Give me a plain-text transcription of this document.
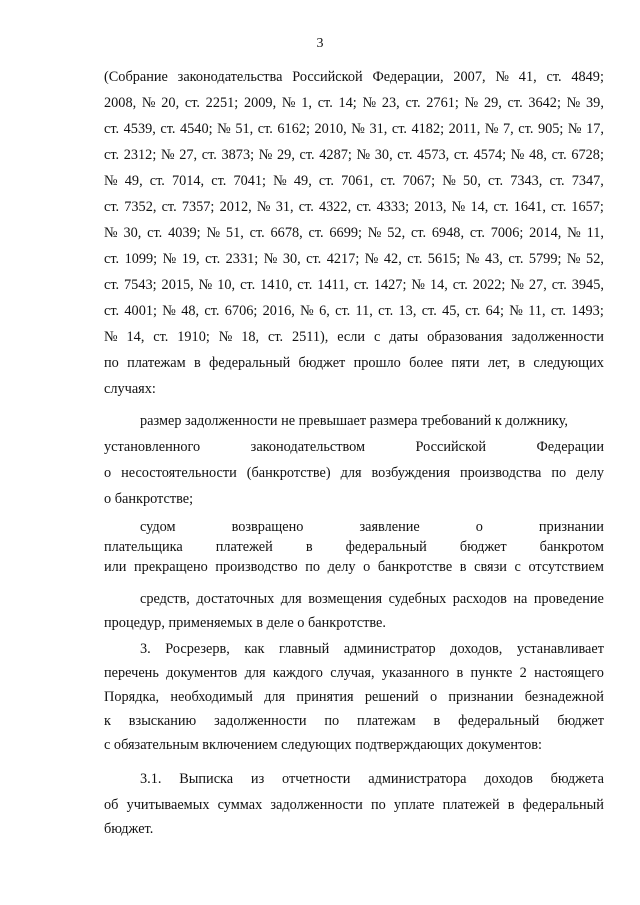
3
(Собрание законодательства Российской Федерации, 2007, № 41, ст. 4849;
2008, № 20, ст. 2251; 2009, № 1, ст. 14; № 23, ст. 2761; № 29, ст. 3642; № 39,
ст. 4539, ст. 4540; № 51, ст. 6162; 2010, № 31, ст. 4182; 2011, № 7, ст. 905; № 17,
ст. 2312; № 27, ст. 3873; № 29, ст. 4287; № 30, ст. 4573, ст. 4574; № 48, ст. 6728;
№ 49, ст. 7014, ст. 7041; № 49, ст. 7061, ст. 7067; № 50, ст. 7343, ст. 7347,
ст. 7352, ст. 7357; 2012, № 31, ст. 4322, ст. 4333; 2013, № 14, ст. 1641, ст. 1657;
№ 30, ст. 4039; № 51, ст. 6678, ст. 6699; № 52, ст. 6948, ст. 7006; 2014, № 11,
ст. 1099; № 19, ст. 2331; № 30, ст. 4217; № 42, ст. 5615; № 43, ст. 5799; № 52,
ст. 7543; 2015, № 10, ст. 1410, ст. 1411, ст. 1427; № 14, ст. 2022; № 27, ст. 3945,
ст. 4001; № 48, ст. 6706; 2016, № 6, ст. 11, ст. 13, ст. 45, ст. 64; № 11, ст. 1493;
№ 14, ст. 1910; № 18, ст. 2511), если с даты образования задолженности
по платежам в федеральный бюджет прошло более пяти лет, в следующих
случаях:
размер задолженности не превышает размера требований к должнику,
установленного	законодательством	Российской	Федерации
о несостоятельности (банкротстве) для возбуждения производства по делу
о банкротстве;
судом	возвращено	заявление	о	признании
плательщика платежей в федеральный бюджет банкротом
или прекращено производство по делу о банкротстве в связи с отсутствием
средств, достаточных для возмещения судебных расходов на проведение
процедур, применяемых в деле о банкротстве.
3. Росрезерв, как главный администратор доходов, устанавливает
перечень документов для каждого случая, указанного в пункте 2 настоящего
Порядка, необходимый для принятия решений о признании безнадежной
к взысканию задолженности по платежам в федеральный бюджет
с обязательным включением следующих подтверждающих документов:
3.1. Выписка из отчетности администратора доходов бюджета
об учитываемых суммах задолженности по уплате платежей в федеральный
бюджет.
